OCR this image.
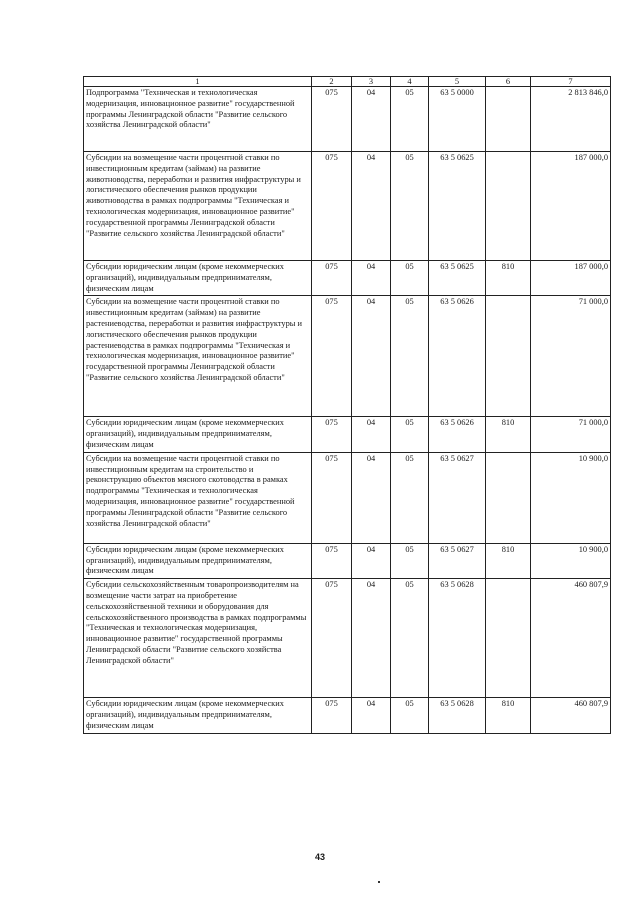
1	2	3	4	5	6	7
Подпрограмма "Техническая и технологическая модернизация, инновационное развитие" государственной программы Ленинградской области "Развитие сельского хозяйства Ленинградской области"	075	04	05	63 5 0000		2 813 846,0
Субсидии на возмещение части процентной ставки по инвестиционным кредитам (займам) на развитие животноводства, переработки и развития инфраструктуры и логистического обеспечения рынков продукции животноводства в рамках подпрограммы "Техническая и технологическая модернизация, инновационное развитие" государственной программы Ленинградской области "Развитие сельского хозяйства Ленинградской области"	075	04	05	63 5 0625		187 000,0
Субсидии юридическим лицам (кроме некоммерческих организаций), индивидуальным предпринимателям, физическим лицам	075	04	05	63 5 0625	810	187 000,0
Субсидии на возмещение части процентной ставки по инвестиционным кредитам (займам) на развитие растениеводства, переработки и развития инфраструктуры и логистического обеспечения рынков продукции растениеводства в рамках подпрограммы "Техническая и технологическая модернизация, инновационное развитие" государственной программы Ленинградской области "Развитие сельского хозяйства Ленинградской области"	075	04	05	63 5 0626		71 000,0
Субсидии юридическим лицам (кроме некоммерческих организаций), индивидуальным предпринимателям, физическим лицам	075	04	05	63 5 0626	810	71 000,0
Субсидии на возмещение части процентной ставки по инвестиционным кредитам на строительство и реконструкцию объектов мясного скотоводства в рамках подпрограммы "Техническая и технологическая модернизация, инновационное развитие" государственной программы Ленинградской области "Развитие сельского хозяйства Ленинградской области"	075	04	05	63 5 0627		10 900,0
Субсидии юридическим лицам (кроме некоммерческих организаций), индивидуальным предпринимателям, физическим лицам	075	04	05	63 5 0627	810	10 900,0
Субсидии сельскохозяйственным товаропроизводителям на возмещение части затрат на приобретение сельскохозяйственной техники и оборудования для сельскохозяйственного производства в рамках подпрограммы "Техническая и технологическая модернизация, инновационное развитие" государственной программы Ленинградской области "Развитие сельского хозяйства Ленинградской области"	075	04	05	63 5 0628		460 807,9
Субсидии юридическим лицам (кроме некоммерческих организаций), индивидуальным предпринимателям, физическим лицам	075	04	05	63 5 0628	810	460 807,9
43
